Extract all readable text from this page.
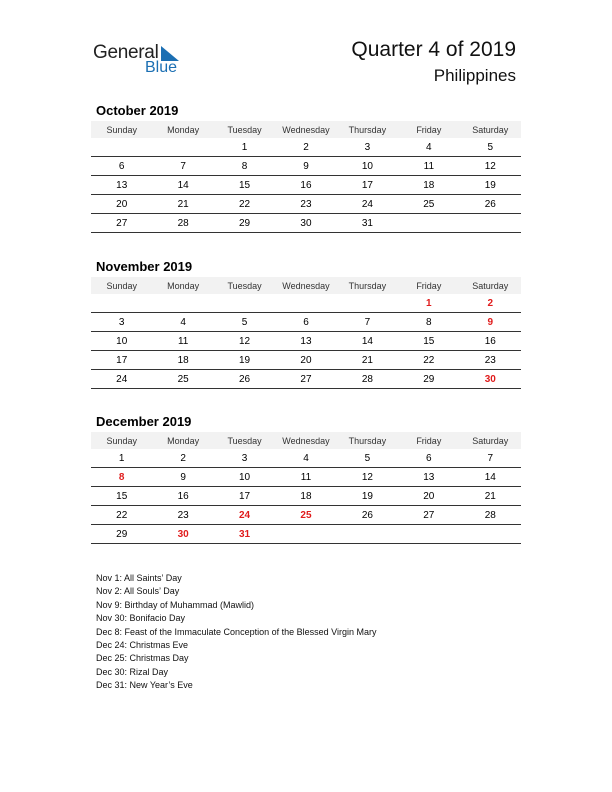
General
Blue
Quarter 4 of 2019
Philippines
October 2019
Sunday	Monday	Tuesday	Wednesday	Thursday	Friday	Saturday
		1	2	3	4	5
6	7	8	9	10	11	12
13	14	15	16	17	18	19
20	21	22	23	24	25	26
27	28	29	30	31		
November 2019
Sunday	Monday	Tuesday	Wednesday	Thursday	Friday	Saturday
					1	2
3	4	5	6	7	8	9
10	11	12	13	14	15	16
17	18	19	20	21	22	23
24	25	26	27	28	29	30
December 2019
Sunday	Monday	Tuesday	Wednesday	Thursday	Friday	Saturday
1	2	3	4	5	6	7
8	9	10	11	12	13	14
15	16	17	18	19	20	21
22	23	24	25	26	27	28
29	30	31				
Nov 1: All Saints’ Day
Nov 2: All Souls’ Day
Nov 9: Birthday of Muhammad (Mawlid)
Nov 30: Bonifacio Day
Dec 8: Feast of the Immaculate Conception of the Blessed Virgin Mary
Dec 24: Christmas Eve
Dec 25: Christmas Day
Dec 30: Rizal Day
Dec 31: New Year’s Eve
